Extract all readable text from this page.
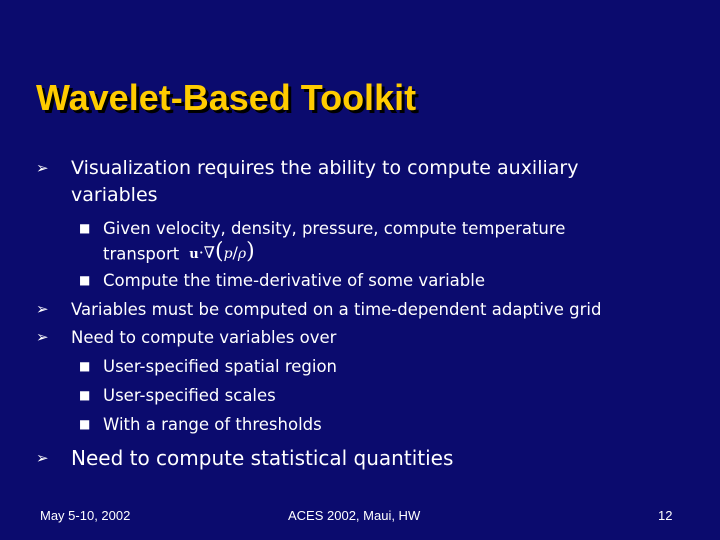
Wavelet-Based Toolkit
➢ Visualization requires the ability to compute auxiliary
variables
■ Given velocity, density, pressure, compute temperature
transport u·∇(p/ρ)
■ Compute the time-derivative of some variable
➢ Variables must be computed on a time-dependent adaptive grid
➢ Need to compute variables over
■ User-specified spatial region
■ User-specified scales
■ With a range of thresholds
➢ Need to compute statistical quantities
May 5-10, 2002	ACES 2002, Maui, HW	12
